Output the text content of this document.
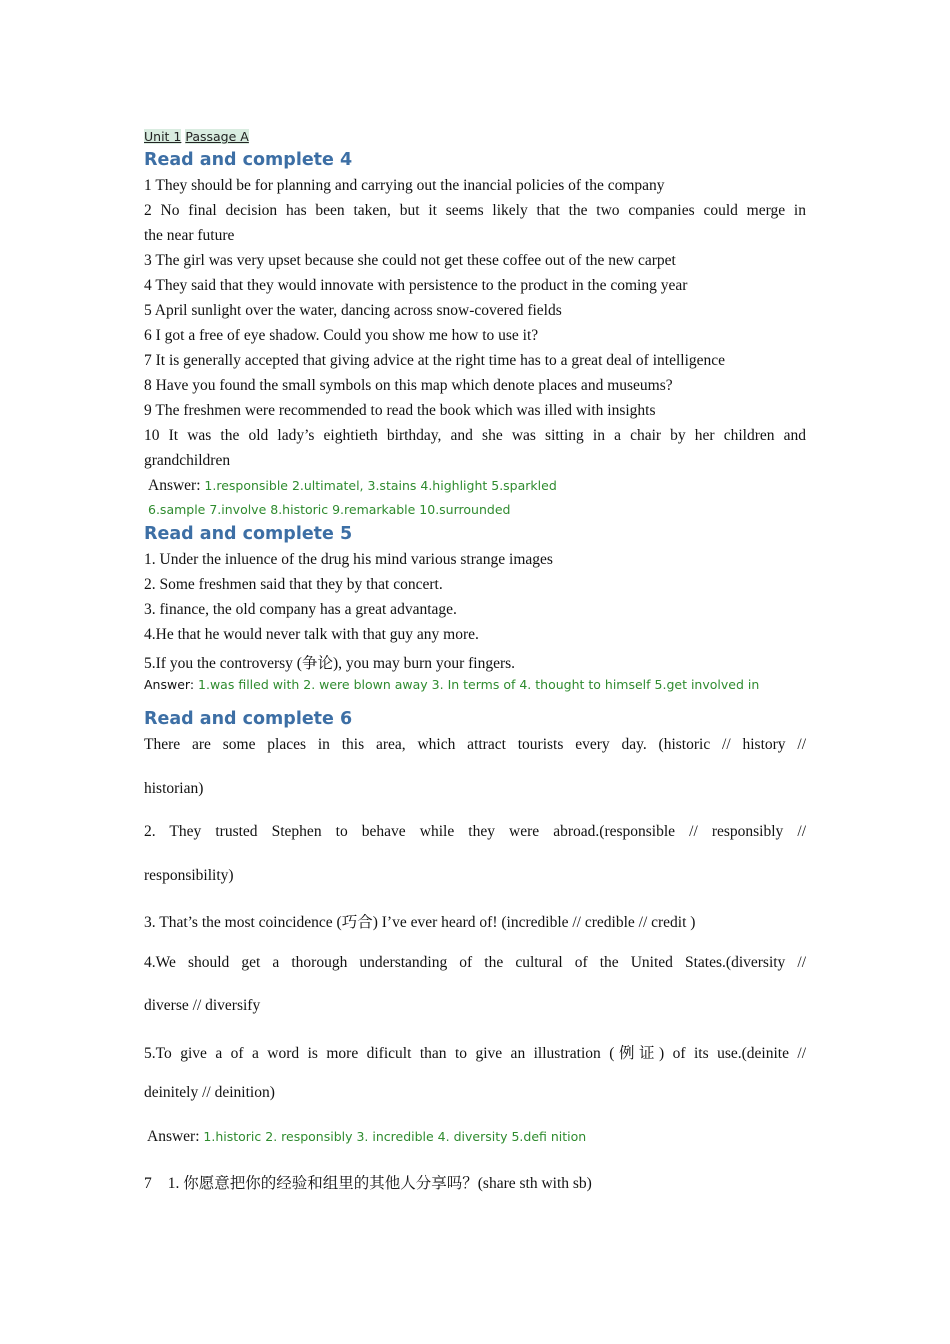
Unit 1 Passage A
Read and complete 4
1 They should be for planning and carrying out the inancial policies of the company
2 No final decision has been taken, but it seems likely that the two companies could merge in
the near future
3 The girl was very upset because she could not get these coffee out of the new carpet
4 They said that they would innovate with persistence to the product in the coming year
5 April sunlight over the water, dancing across snow-covered fields
6 I got a free of eye shadow. Could you show me how to use it?
7 It is generally accepted that giving advice at the right time has to a great deal of intelligence
8 Have you found the small symbols on this map which denote places and museums?
9 The freshmen were recommended to read the book which was illed with insights
10 It was the old lady’s eightieth birthday, and she was sitting in a chair by her children and
grandchildren
Answer: 1.responsible 2.ultimatel, 3.stains 4.highlight 5.sparkled
6.sample 7.involve 8.historic 9.remarkable 10.surrounded
Read and complete 5
1. Under the inluence of the drug his mind various strange images
2. Some freshmen said that they by that concert.
3. finance, the old company has a great advantage.
4.He that he would never talk with that guy any more.
5.If you the controversy (争论), you may burn your fingers.
Answer: 1.was filled with 2. were blown away 3. In terms of 4. thought to himself 5.get involved in
Read and complete 6
There are some places in this area, which attract tourists every day. (historic // history //
historian)
2. They trusted Stephen to behave while they were abroad.(responsible // responsibly //
responsibility)
3. That’s the most coincidence (巧合) I’ve ever heard of! (incredible // credible // credit )
4.We should get a thorough understanding of the cultural of the United States.(diversity //
diverse // diversify
5.To give a of a word is more dificult than to give an illustration (例证) of its use.(deinite //
deinitely // deinition)
Answer: 1.historic 2. responsibly 3. incredible 4. diversity 5.defi nition
7 1. 你愿意把你的经验和组里的其他人分享吗？(share sth with sb)
